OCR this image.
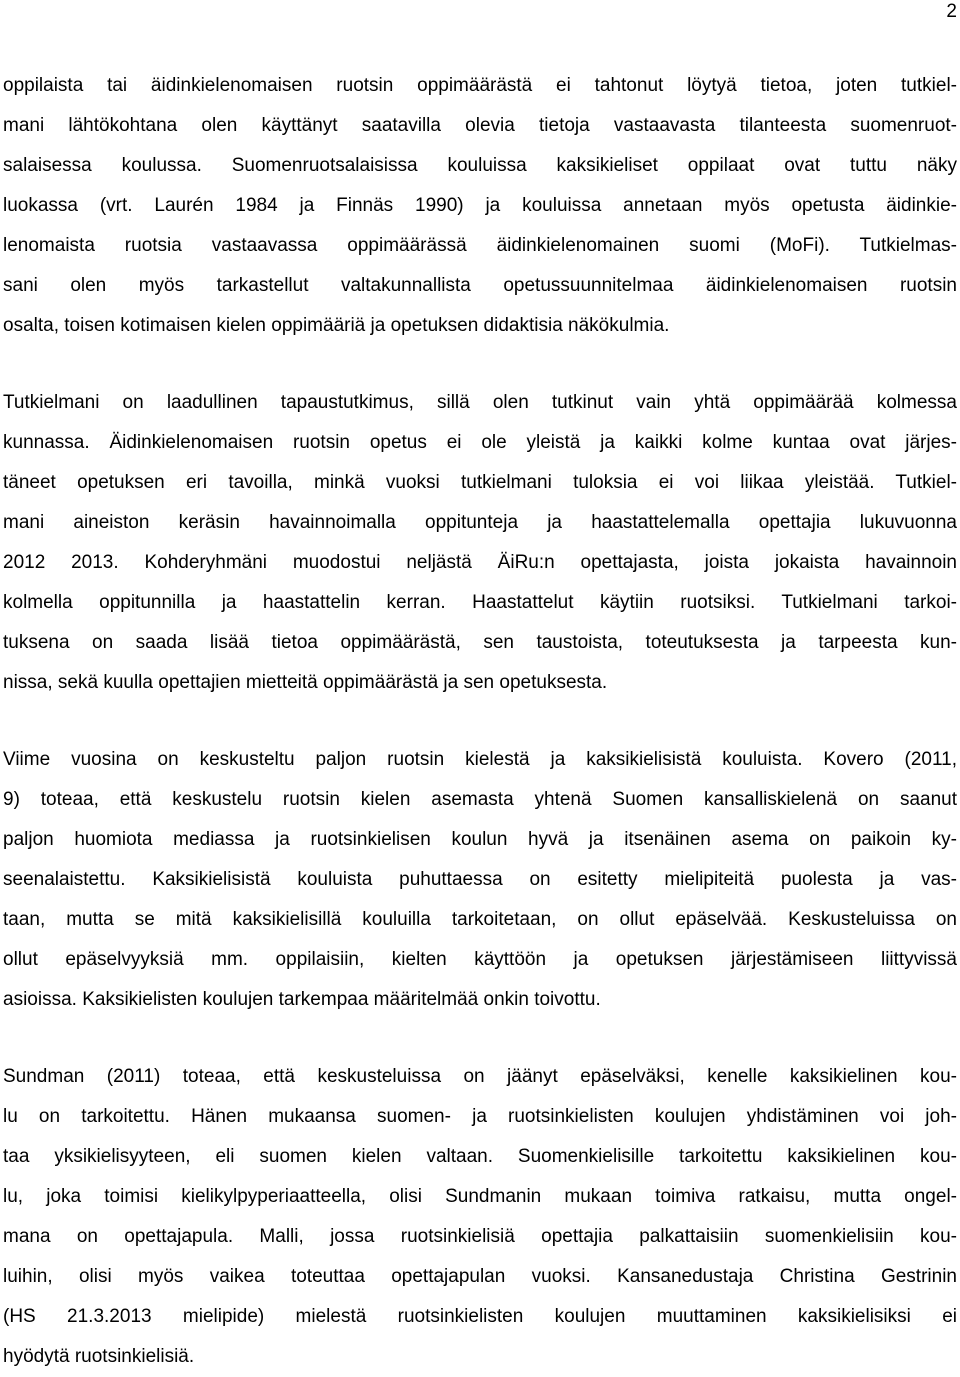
2

oppilaista tai äidinkielenomaisen ruotsin oppimäärästä ei tahtonut löytyä tietoa, joten tutkiel-
mani lähtökohtana olen käyttänyt saatavilla olevia tietoja vastaavasta tilanteesta suomenruot-
salaisessa koulussa. Suomenruotsalaisissa kouluissa kaksikieliset oppilaat ovat tuttu näky
luokassa (vrt. Laurén 1984 ja Finnäs 1990) ja kouluissa annetaan myös opetusta äidinkie-
lenomaista ruotsia vastaavassa oppimäärässä äidinkielenomainen suomi (MoFi). Tutkielmas-
sani olen myös tarkastellut valtakunnallista opetussuunnitelmaa äidinkielenomaisen ruotsin
osalta, toisen kotimaisen kielen oppimääriä ja opetuksen didaktisia näkökulmia.

Tutkielmani on laadullinen tapaustutkimus, sillä olen tutkinut vain yhtä oppimäärää kolmessa
kunnassa. Äidinkielenomaisen ruotsin opetus ei ole yleistä ja kaikki kolme kuntaa ovat järjes-
täneet opetuksen eri tavoilla, minkä vuoksi tutkielmani tuloksia ei voi liikaa yleistää. Tutkiel-
mani aineiston keräsin havainnoimalla oppitunteja ja haastattelemalla opettajia lukuvuonna
2012 2013. Kohderyhmäni muodostui neljästä ÄiRu:n opettajasta, joista jokaista havainnoin
kolmella oppitunnilla ja haastattelin kerran. Haastattelut käytiin ruotsiksi. Tutkielmani tarkoi-
tuksena on saada lisää tietoa oppimäärästä, sen taustoista, toteutuksesta ja tarpeesta kun-
nissa, sekä kuulla opettajien mietteitä oppimäärästä ja sen opetuksesta.

Viime vuosina on keskusteltu paljon ruotsin kielestä ja kaksikielisistä kouluista. Kovero (2011,
9) toteaa, että keskustelu ruotsin kielen asemasta yhtenä Suomen kansalliskielenä on saanut
paljon huomiota mediassa ja ruotsinkielisen koulun hyvä ja itsenäinen asema on paikoin ky-
seenalaistettu. Kaksikielisistä kouluista puhuttaessa on esitetty mielipiteitä puolesta ja vas-
taan, mutta se mitä kaksikielisillä kouluilla tarkoitetaan, on ollut epäselvää. Keskusteluissa on
ollut epäselvyyksiä mm. oppilaisiin, kielten käyttöön ja opetuksen järjestämiseen liittyvissä
asioissa. Kaksikielisten koulujen tarkempaa määritelmää onkin toivottu.

Sundman (2011) toteaa, että keskusteluissa on jäänyt epäselväksi, kenelle kaksikielinen kou-
lu on tarkoitettu. Hänen mukaansa suomen- ja ruotsinkielisten koulujen yhdistäminen voi joh-
taa yksikielisyyteen, eli suomen kielen valtaan. Suomenkielisille tarkoitettu kaksikielinen kou-
lu, joka toimisi kielikylpyperiaatteella, olisi Sundmanin mukaan toimiva ratkaisu, mutta ongel-
mana on opettajapula. Malli, jossa ruotsinkielisiä opettajia palkattaisiin suomenkielisiin kou-
luihin, olisi myös vaikea toteuttaa opettajapulan vuoksi. Kansanedustaja Christina Gestrinin
(HS 21.3.2013 mielipide) mielestä ruotsinkielisten koulujen muuttaminen kaksikielisiksi ei
hyödytä ruotsinkielisiä.
